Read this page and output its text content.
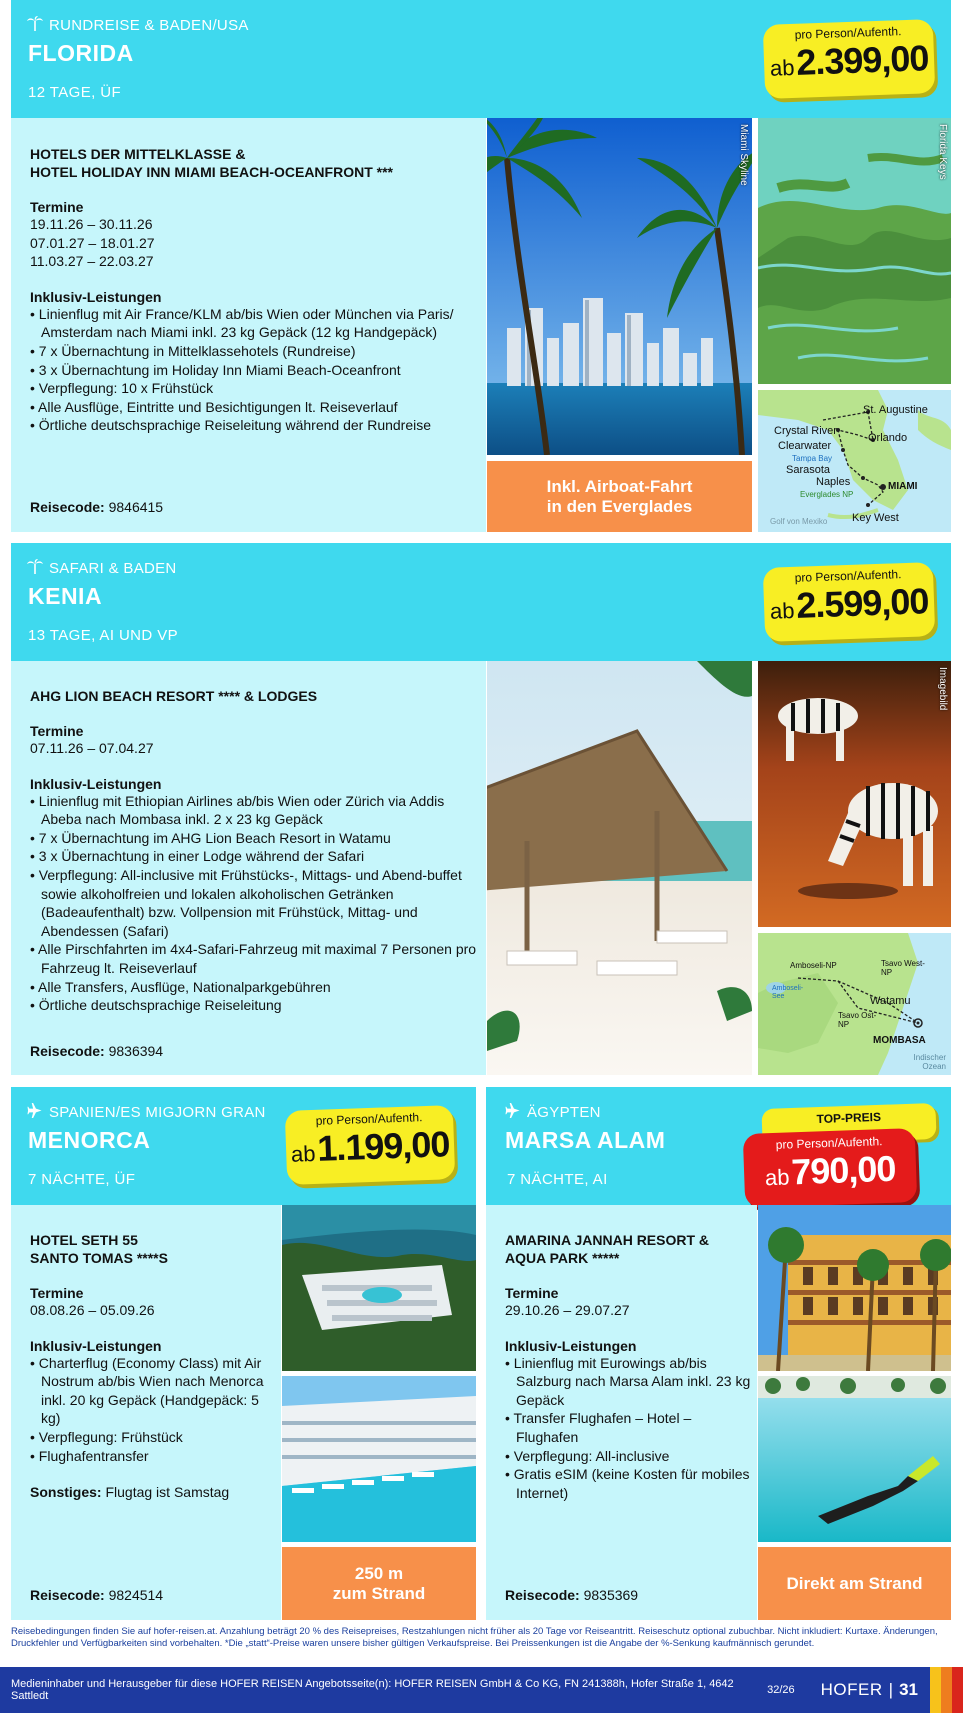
RUNDREISE & BADEN/USA
FLORIDA
12 TAGE, ÜF
pro Person/Aufenth.
ab 2.399,00
HOTELS DER MITTELKLASSE &
HOTEL HOLIDAY INN MIAMI BEACH-OCEANFRONT ***
Termine
19.11.26 – 30.11.26
07.01.27 – 18.01.27
11.03.27 – 22.03.27
Inklusiv-Leistungen
• Linienflug mit Air France/KLM ab/bis Wien oder München via Paris/ Amsterdam nach Miami inkl. 23 kg Gepäck (12 kg Handgepäck)
• 7 x Übernachtung in Mittelklassehotels (Rundreise)
• 3 x Übernachtung im Holiday Inn Miami Beach-Oceanfront
• Verpflegung: 10 x Frühstück
• Alle Ausflüge, Eintritte und Besichtigungen lt. Reiseverlauf
• Örtliche deutschsprachige Reiseleitung während der Rundreise
Reisecode: 9846415
Miami Skyline
Inkl. Airboat-Fahrt
in den Everglades
Florida Keys
St. Augustine
Crystal River
Orlando
Clearwater
Tampa Bay
Sarasota
Naples	MIAMI
Everglades NP
Key West
Golf von Mexiko
SAFARI & BADEN
KENIA
13 TAGE, AI UND VP
pro Person/Aufenth.
ab 2.599,00
AHG LION BEACH RESORT **** & LODGES
Termine
07.11.26 – 07.04.27
Inklusiv-Leistungen
• Linienflug mit Ethiopian Airlines ab/bis Wien oder Zürich via Addis Abeba nach Mombasa inkl. 2 x 23 kg Gepäck
• 7 x Übernachtung im AHG Lion Beach Resort in Watamu
• 3 x Übernachtung in einer Lodge während der Safari
• Verpflegung: All-inclusive mit Frühstücks-, Mittags- und Abend-buffet sowie alkoholfreien und lokalen alkoholischen Getränken (Badeaufenthalt) bzw. Vollpension mit Frühstück, Mittag- und Abendessen (Safari)
• Alle Pirschfahrten im 4x4-Safari-Fahrzeug mit maximal 7 Personen pro Fahrzeug lt. Reiseverlauf
• Alle Transfers, Ausflüge, Nationalparkgebühren
• Örtliche deutschsprachige Reiseleitung
Reisecode: 9836394
Imagebild
Amboseli-NP	Tsavo West-NP
Amboseli-See	Watamu
Tsavo Ost-NP
MOMBASA
Indischer Ozean
SPANIEN/ES MIGJORN GRAN
MENORCA
7 NÄCHTE, ÜF
pro Person/Aufenth.
ab 1.199,00
HOTEL SETH 55
SANTO TOMAS ****S
Termine
08.08.26 – 05.09.26
Inklusiv-Leistungen
• Charterflug (Economy Class) mit Air Nostrum ab/bis Wien nach Menorca inkl. 20 kg Gepäck (Handgepäck: 5 kg)
• Verpflegung: Frühstück
• Flughafentransfer
Sonstiges: Flugtag ist Samstag
Reisecode: 9824514
250 m
zum Strand
ÄGYPTEN
MARSA ALAM
7 NÄCHTE, AI
TOP-PREIS
pro Person/Aufenth.
ab 790,00
AMARINA JANNAH RESORT &
AQUA PARK *****
Termine
29.10.26 – 29.07.27
Inklusiv-Leistungen
• Linienflug mit Eurowings ab/bis Salzburg nach Marsa Alam inkl. 23 kg Gepäck
• Transfer Flughafen – Hotel – Flughafen
• Verpflegung: All-inclusive
• Gratis eSIM (keine Kosten für mobiles Internet)
Reisecode: 9835369
Direkt am Strand
Reisebedingungen finden Sie auf hofer-reisen.at. Anzahlung beträgt 20 % des Reisepreises, Restzahlungen nicht früher als 20 Tage vor Reiseantritt. Reiseschutz optional zubuchbar. Nicht inkludiert: Kurtaxe. Änderungen, Druckfehler und Verfügbarkeiten sind vorbehalten. *Die „statt“-Preise waren unsere bisher gültigen Verkaufspreise. Bei Preissenkungen ist die Angabe der %-Senkung kaufmännisch gerundet.
Medieninhaber und Herausgeber für diese HOFER REISEN Angebotsseite(n): HOFER REISEN GmbH & Co KG, FN 241388h, Hofer Straße 1, 4642 Sattledt	32/26 HOFER | 31
